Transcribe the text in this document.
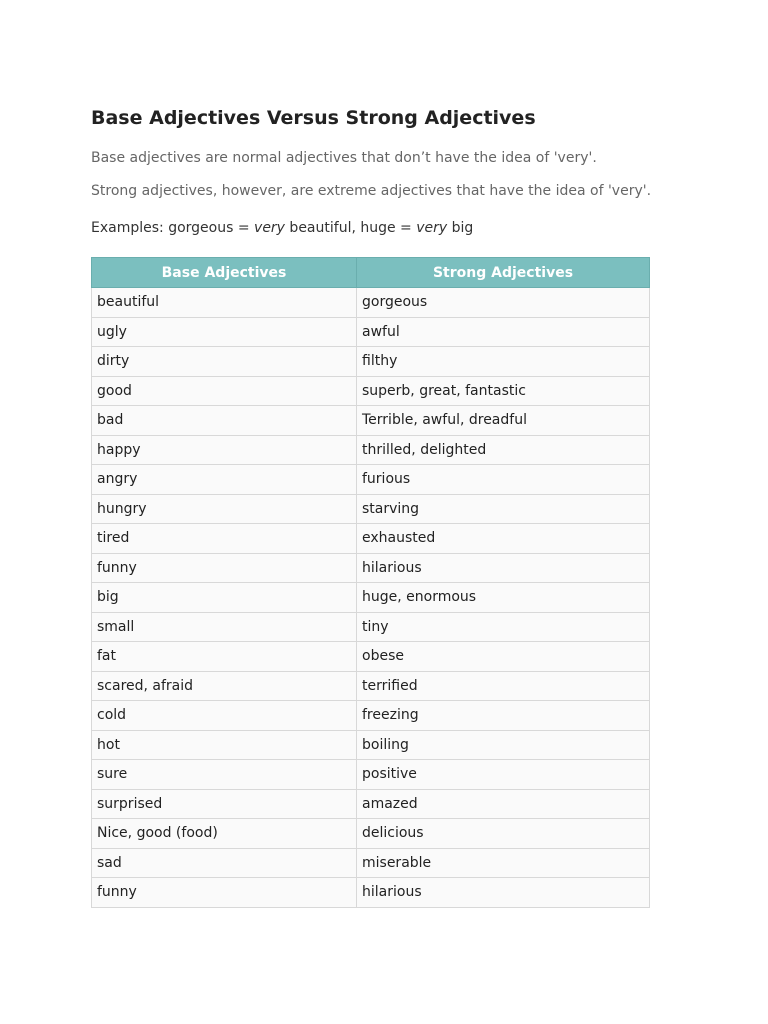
Base Adjectives Versus Strong Adjectives

Base adjectives are normal adjectives that don’t have the idea of 'very'.

Strong adjectives, however, are extreme adjectives that have the idea of 'very'.

Examples: gorgeous = very beautiful, huge = very big

Base Adjectives	Strong Adjectives
beautiful	gorgeous
ugly	awful
dirty	filthy
good	superb, great, fantastic
bad	Terrible, awful, dreadful
happy	thrilled, delighted
angry	furious
hungry	starving
tired	exhausted
funny	hilarious
big	huge, enormous
small	tiny
fat	obese
scared, afraid	terrified
cold	freezing
hot	boiling
sure	positive
surprised	amazed
Nice, good (food)	delicious
sad	miserable
funny	hilarious
